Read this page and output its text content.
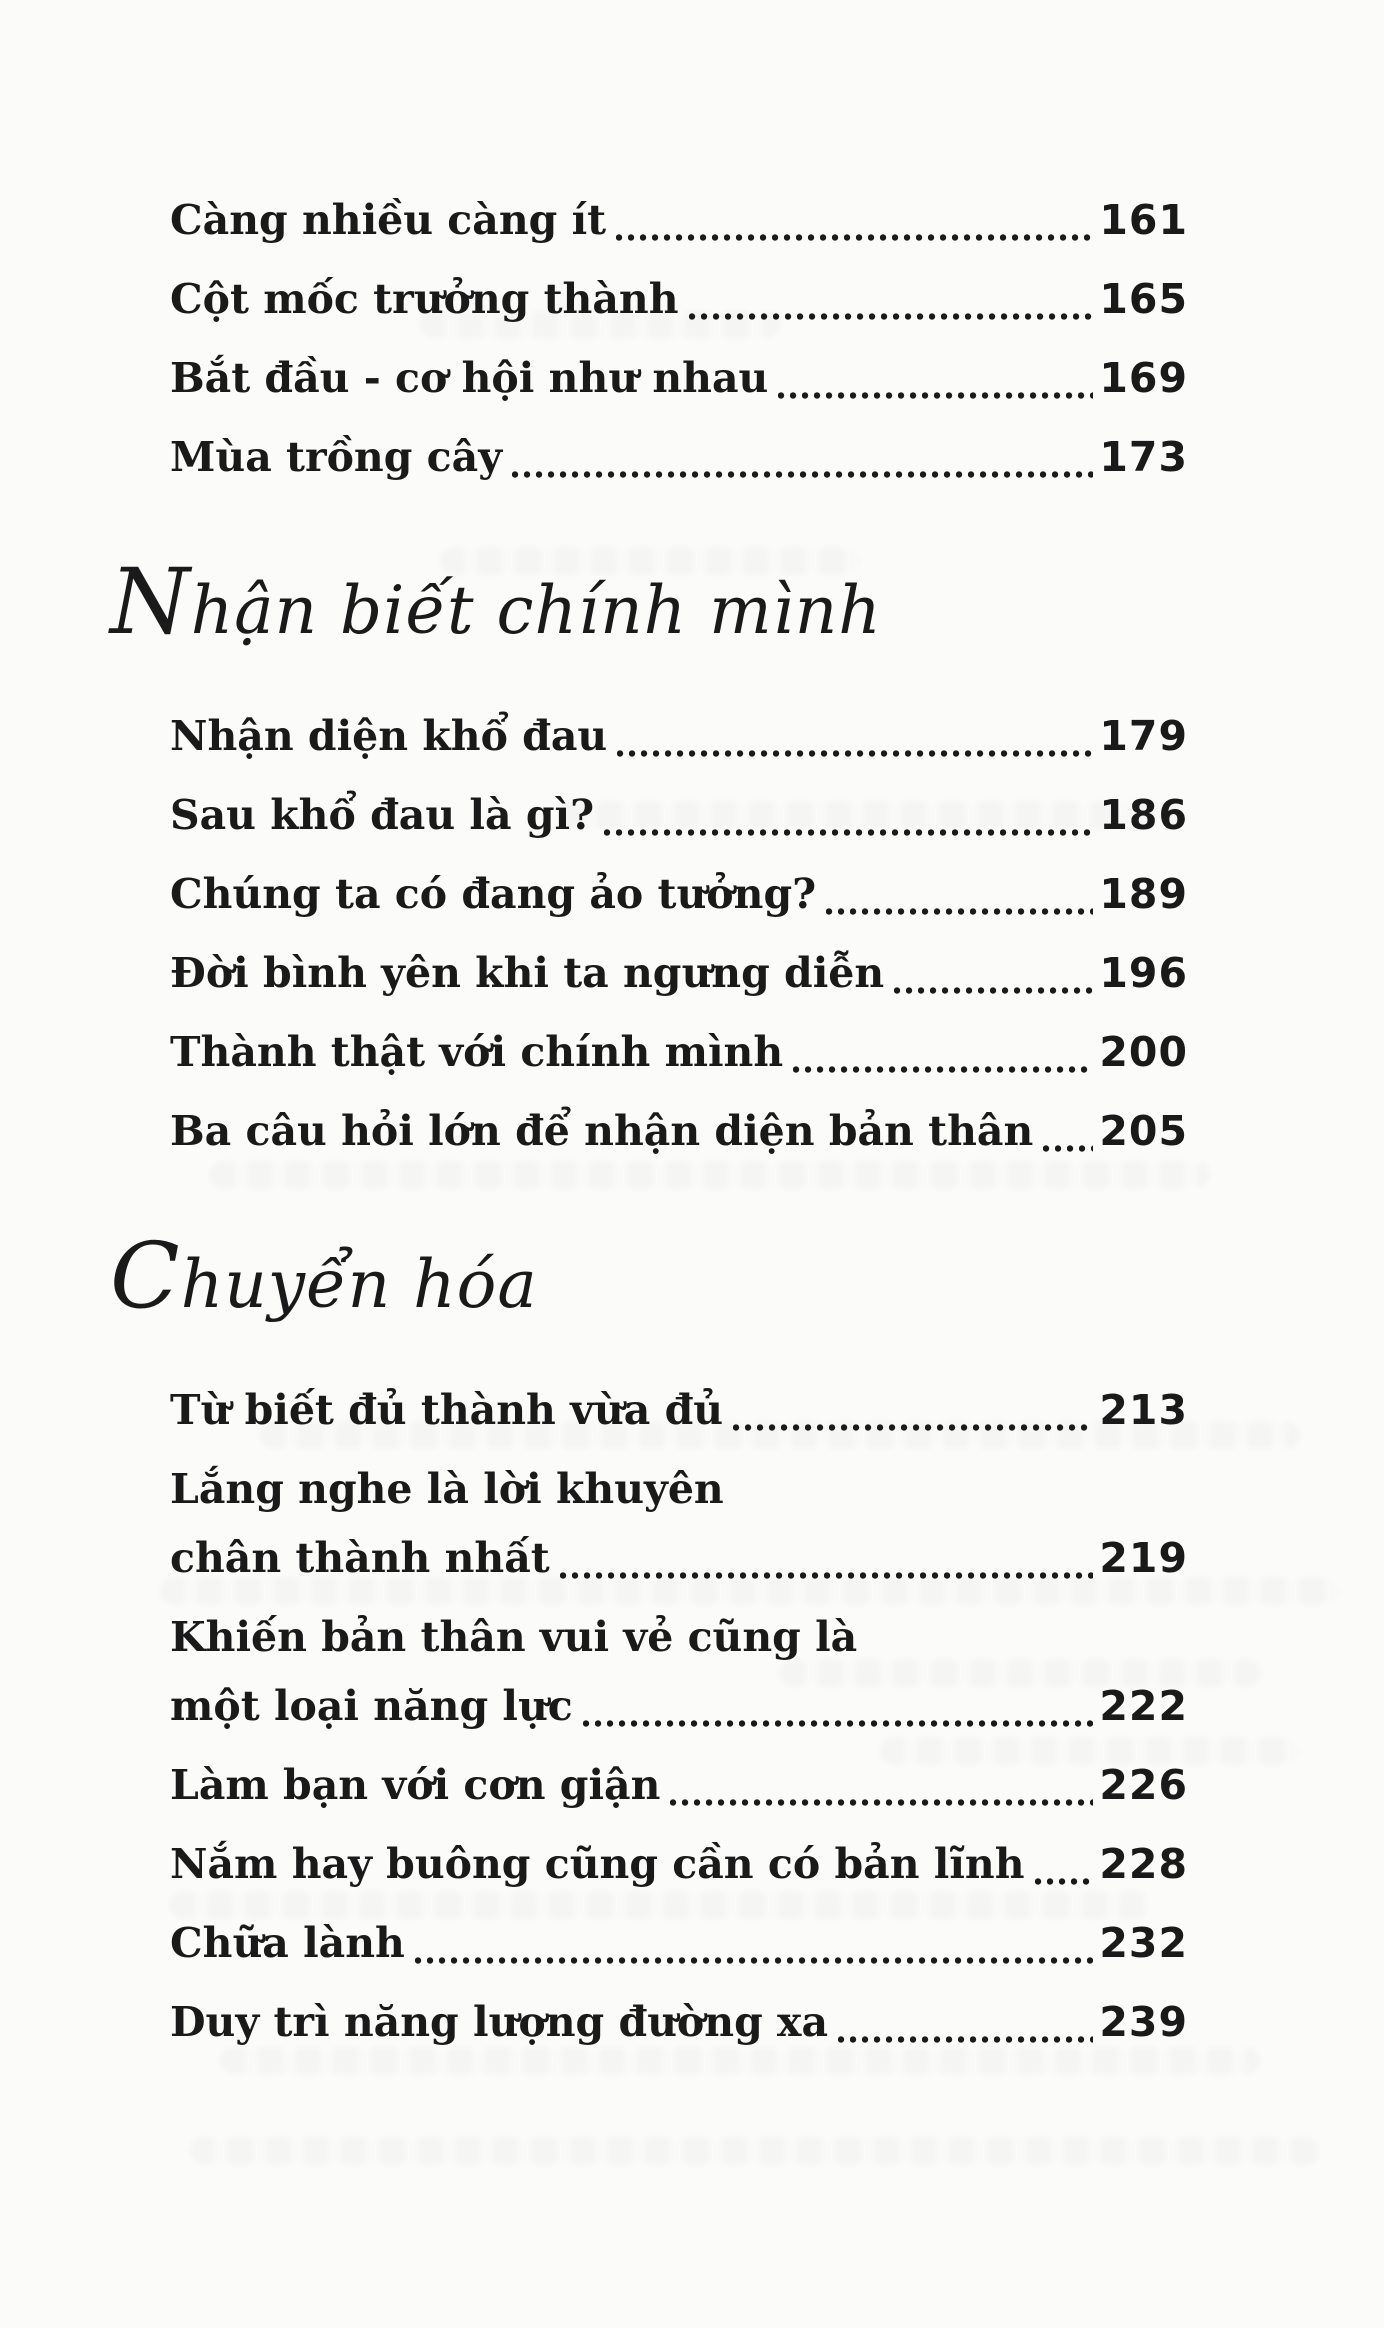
Càng nhiều càng ít	161
Cột mốc trưởng thành	165
Bắt đầu - cơ hội như nhau	169
Mùa trồng cây	173
Nhận biết chính mình
Nhận diện khổ đau	179
Sau khổ đau là gì?	186
Chúng ta có đang ảo tưởng?	189
Đời bình yên khi ta ngưng diễn	196
Thành thật với chính mình	200
Ba câu hỏi lớn để nhận diện bản thân 205
Chuyển hóa
Từ biết đủ thành vừa đủ	213
Lắng nghe là lời khuyên
chân thành nhất	219
Khiến bản thân vui vẻ cũng là
một loại năng lực	222
Làm bạn với cơn giận	226
Nắm hay buông cũng cần có bản lĩnh 228
Chữa lành	232
Duy trì năng lượng đường xa	239
